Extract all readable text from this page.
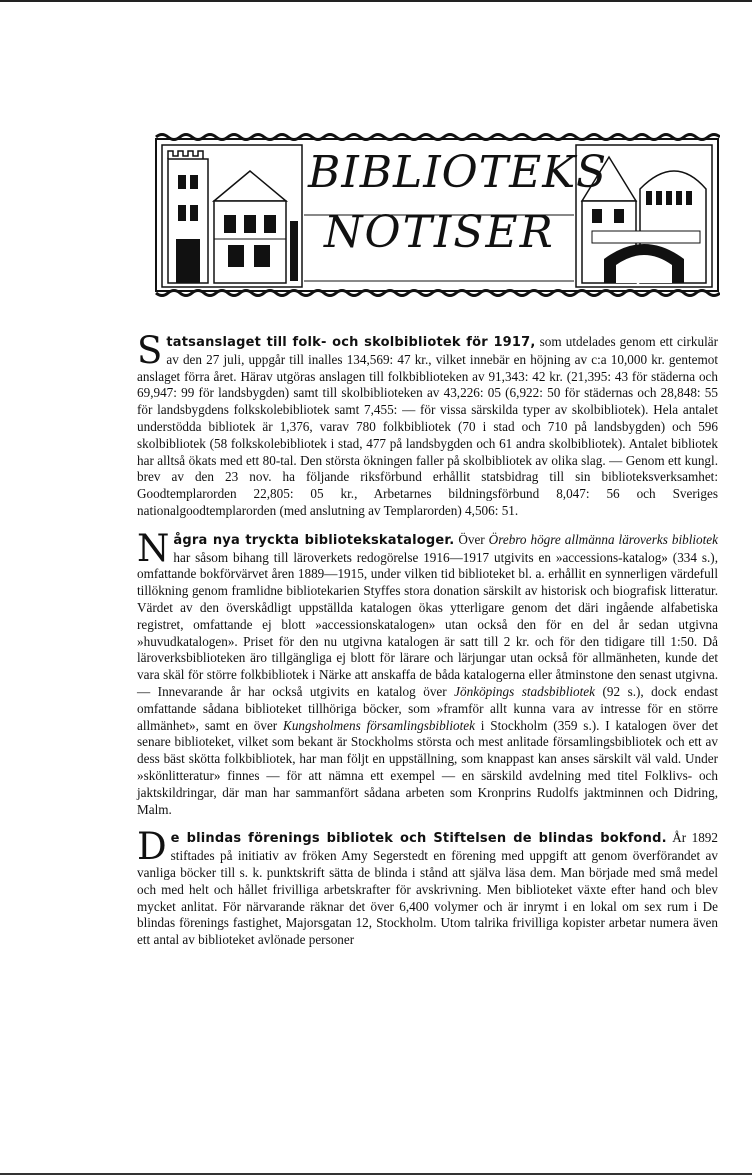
BIBLIOTEKS
NOTISER

Statsanslaget till folk- och skolbibliotek för 1917, som utdelades genom ett cirkulär av den 27 juli, uppgår till inalles 134,569: 47 kr., vilket innebär en höjning av c:a 10,000 kr. gentemot anslaget förra året. Härav utgöras anslagen till folkbiblioteken av 91,343: 42 kr. (21,395: 43 för städerna och 69,947: 99 för landsbygden) samt till skolbiblioteken av 43,226: 05 (6,922: 50 för städernas och 28,848: 55 för landsbygdens folkskolebibliotek samt 7,455: — för vissa särskilda typer av skolbibliotek). Hela antalet understödda bibliotek är 1,376, varav 780 folkbibliotek (70 i stad och 710 på landsbygden) och 596 skolbibliotek (58 folkskolebibliotek i stad, 477 på landsbygden och 61 andra skolbibliotek). Antalet bibliotek har alltså ökats med ett 80-tal. Den största ökningen faller på skolbibliotek av olika slag. — Genom ett kungl. brev av den 23 nov. ha följande riksförbund erhållit statsbidrag till sin biblioteksverksamhet: Goodtemplarorden 22,805: 05 kr., Arbetarnes bildningsförbund 8,047: 56 och Sveriges nationalgoodtemplarorden (med anslutning av Templarorden) 4,506: 51.

Några nya tryckta bibliotekskataloger. Över Örebro högre allmänna läroverks bibliotek har såsom bihang till läroverkets redogörelse 1916—1917 utgivits en »accessions-katalog» (334 s.), omfattande bokförvärvet åren 1889—1915, under vilken tid biblioteket bl. a. erhållit en synnerligen värdefull tillökning genom framlidne bibliotekarien Styffes stora donation särskilt av historisk och biografisk litteratur. Värdet av den överskådligt uppställda katalogen ökas ytterligare genom det däri ingående alfabetiska registret, omfattande ej blott »accessionskatalogen» utan också den för en del år sedan utgivna »huvudkatalogen». Priset för den nu utgivna katalogen är satt till 2 kr. och för den tidigare till 1:50. Då läroverksbiblioteken äro tillgängliga ej blott för lärare och lärjungar utan också för allmänheten, kunde det vara skäl för större folkbibliotek i Närke att anskaffa de båda katalogerna eller åtminstone den senast utgivna. — Innevarande år har också utgivits en katalog över Jönköpings stadsbibliotek (92 s.), dock endast omfattande sådana biblioteket tillhöriga böcker, som »framför allt kunna vara av intresse för en större allmänhet», samt en över Kungsholmens församlingsbibliotek i Stockholm (359 s.). I katalogen över det senare biblioteket, vilket som bekant är Stockholms största och mest anlitade församlingsbibliotek och ett av dess bäst skötta folkbibliotek, har man följt en uppställning, som knappast kan anses särskilt väl vald. Under »skönlitteratur» finnes — för att nämna ett exempel — en särskild avdelning med titel Folklivs- och jaktskildringar, där man har sammanfört sådana arbeten som Kronprins Rudolfs jaktminnen och Didring, Malm.

De blindas förenings bibliotek och Stiftelsen de blindas bokfond. År 1892 stiftades på initiativ av fröken Amy Segerstedt en förening med uppgift att genom överförandet av vanliga böcker till s. k. punktskrift sätta de blinda i stånd att själva läsa dem. Man började med små medel och med helt och hållet frivilliga arbetskrafter för avskrivning. Men biblioteket växte efter hand och blev mycket anlitat. För närvarande räknar det över 6,400 volymer och är inrymt i en lokal om sex rum i De blindas förenings fastighet, Majorsgatan 12, Stockholm. Utom talrika frivilliga kopister arbetar numera även ett antal av biblioteket avlönade personer
